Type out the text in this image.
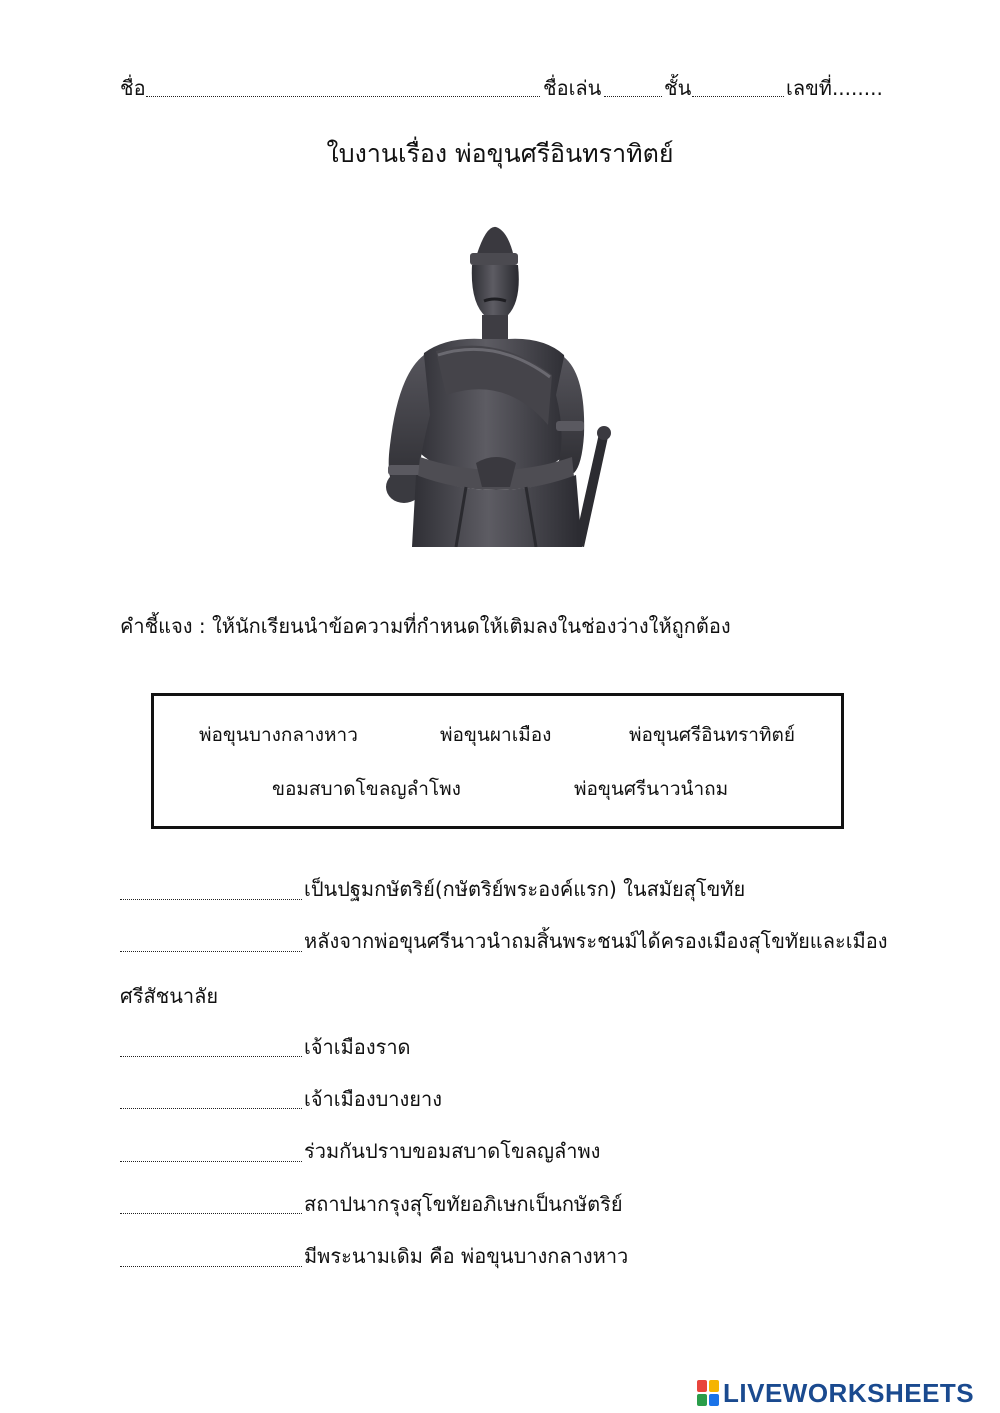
ชื่อ	ชื่อเล่น	ชั้น	เลขที่........
ใบงานเรื่อง พ่อขุนศรีอินทราทิตย์
คำชี้แจง : ให้นักเรียนนำข้อความที่กำหนดให้เติมลงในช่องว่างให้ถูกต้อง
พ่อขุนบางกลางหาว	พ่อขุนผาเมือง	พ่อขุนศรีอินทราทิตย์
ขอมสบาดโขลญลำโพง	พ่อขุนศรีนาวนำถม
เป็นปฐมกษัตริย์(กษัตริย์พระองค์แรก) ในสมัยสุโขทัย
หลังจากพ่อขุนศรีนาวนำถมสิ้นพระชนม์ได้ครองเมืองสุโขทัยและเมือง
ศรีสัชนาลัย
เจ้าเมืองราด
เจ้าเมืองบางยาง
ร่วมกันปราบขอมสบาดโขลญลำพง
สถาปนากรุงสุโขทัยอภิเษกเป็นกษัตริย์
มีพระนามเดิม คือ พ่อขุนบางกลางหาว
LIVEWORKSHEETS
